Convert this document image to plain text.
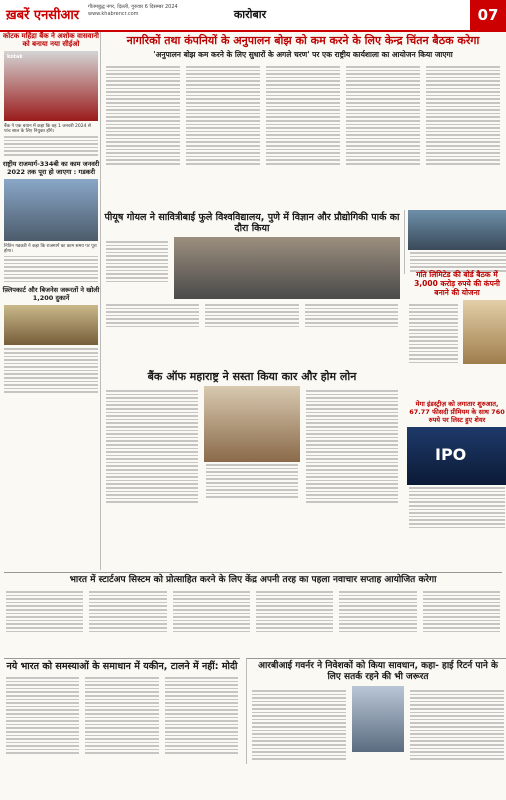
ख़बरें एनसीआर
गौतमबुद्ध नगर, दिल्ली, गुरुवार 6 दिसम्बर 2024
www.khabrencr.com	कारोबार	07
नागरिकों तथा कंपनियों के अनुपालन बोझ को कम करने के लिए केन्द्र चिंतन बैठक करेगा
'अनुपालन बोझ कम करने के लिए सुधारों के अगले चरण' पर एक राष्ट्रीय कार्यशाला का आयोजन किया जाएगा
कोटक महिंद्रा बैंक ने अशोक वासवानी को बनाया नया सीईओ
kotak
बैंक ने एक बयान में कहा कि वह 1 जनवरी 2024 से पांच साल के लिए नियुक्त होंगे।
राष्ट्रीय राजमार्ग-334बी का काम जनवरी 2022 तक पूरा हो जाएगा : गडकरी
नितिन गडकरी ने कहा कि राजमार्ग का काम समय पर पूरा होगा।
फ़्लिपकार्ट और बिजनेस जरूरतों ने खोली 1,200 दुकानें
पीयूष गोयल ने सावित्रीबाई फुले विश्वविद्यालय, पुणे में विज्ञान और प्रौद्योगिकी पार्क का दौरा किया
बैंक ऑफ महाराष्ट्र ने सस्ता किया कार और होम लोन
गति लिमिटेड की बोर्ड बैठक में 3,000 करोड़ रुपये की कंपनी बनाने की योजना
मेगा इंडस्ट्रीज़ को लगातार शुरुआत, 67.77 फीसदी प्रीमियम के साथ 760 रुपये पर लिस्ट हुए शेयर
IPO
भारत में स्टार्टअप सिस्टम को प्रोत्साहित करने के लिए केंद्र अपनी तरह का पहला नवाचार सप्ताह आयोजित करेगा
नये भारत को समस्याओं के समाधान में यकीन, टालने में नहीं: मोदी	आरबीआई गवर्नर ने निवेशकों को किया सावधान, कहा- हाई रिटर्न पाने के लिए सतर्क रहने की भी जरूरत
